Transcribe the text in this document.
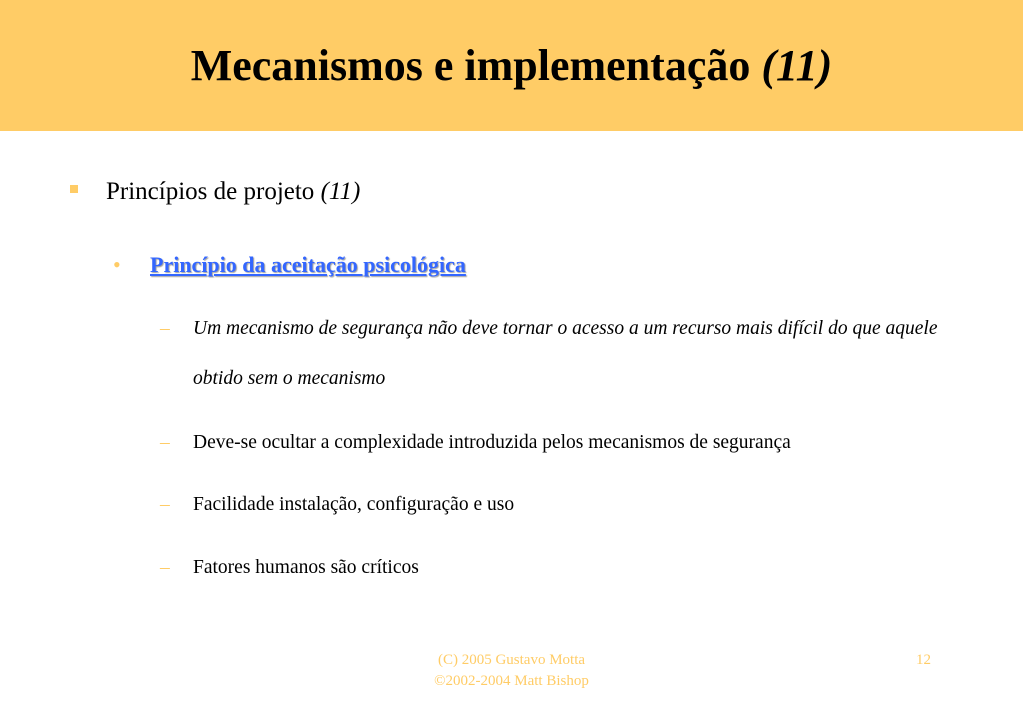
Mecanismos e implementação (11)
Princípios de projeto (11)
• Princípio da aceitação psicológica
– Um mecanismo de segurança não deve tornar o acesso a um recurso mais difícil do que aquele obtido sem o mecanismo
– Deve-se ocultar a complexidade introduzida pelos mecanismos de segurança
– Facilidade instalação, configuração e uso
– Fatores humanos são críticos
(C) 2005 Gustavo Motta
©2002-2004 Matt Bishop
12
